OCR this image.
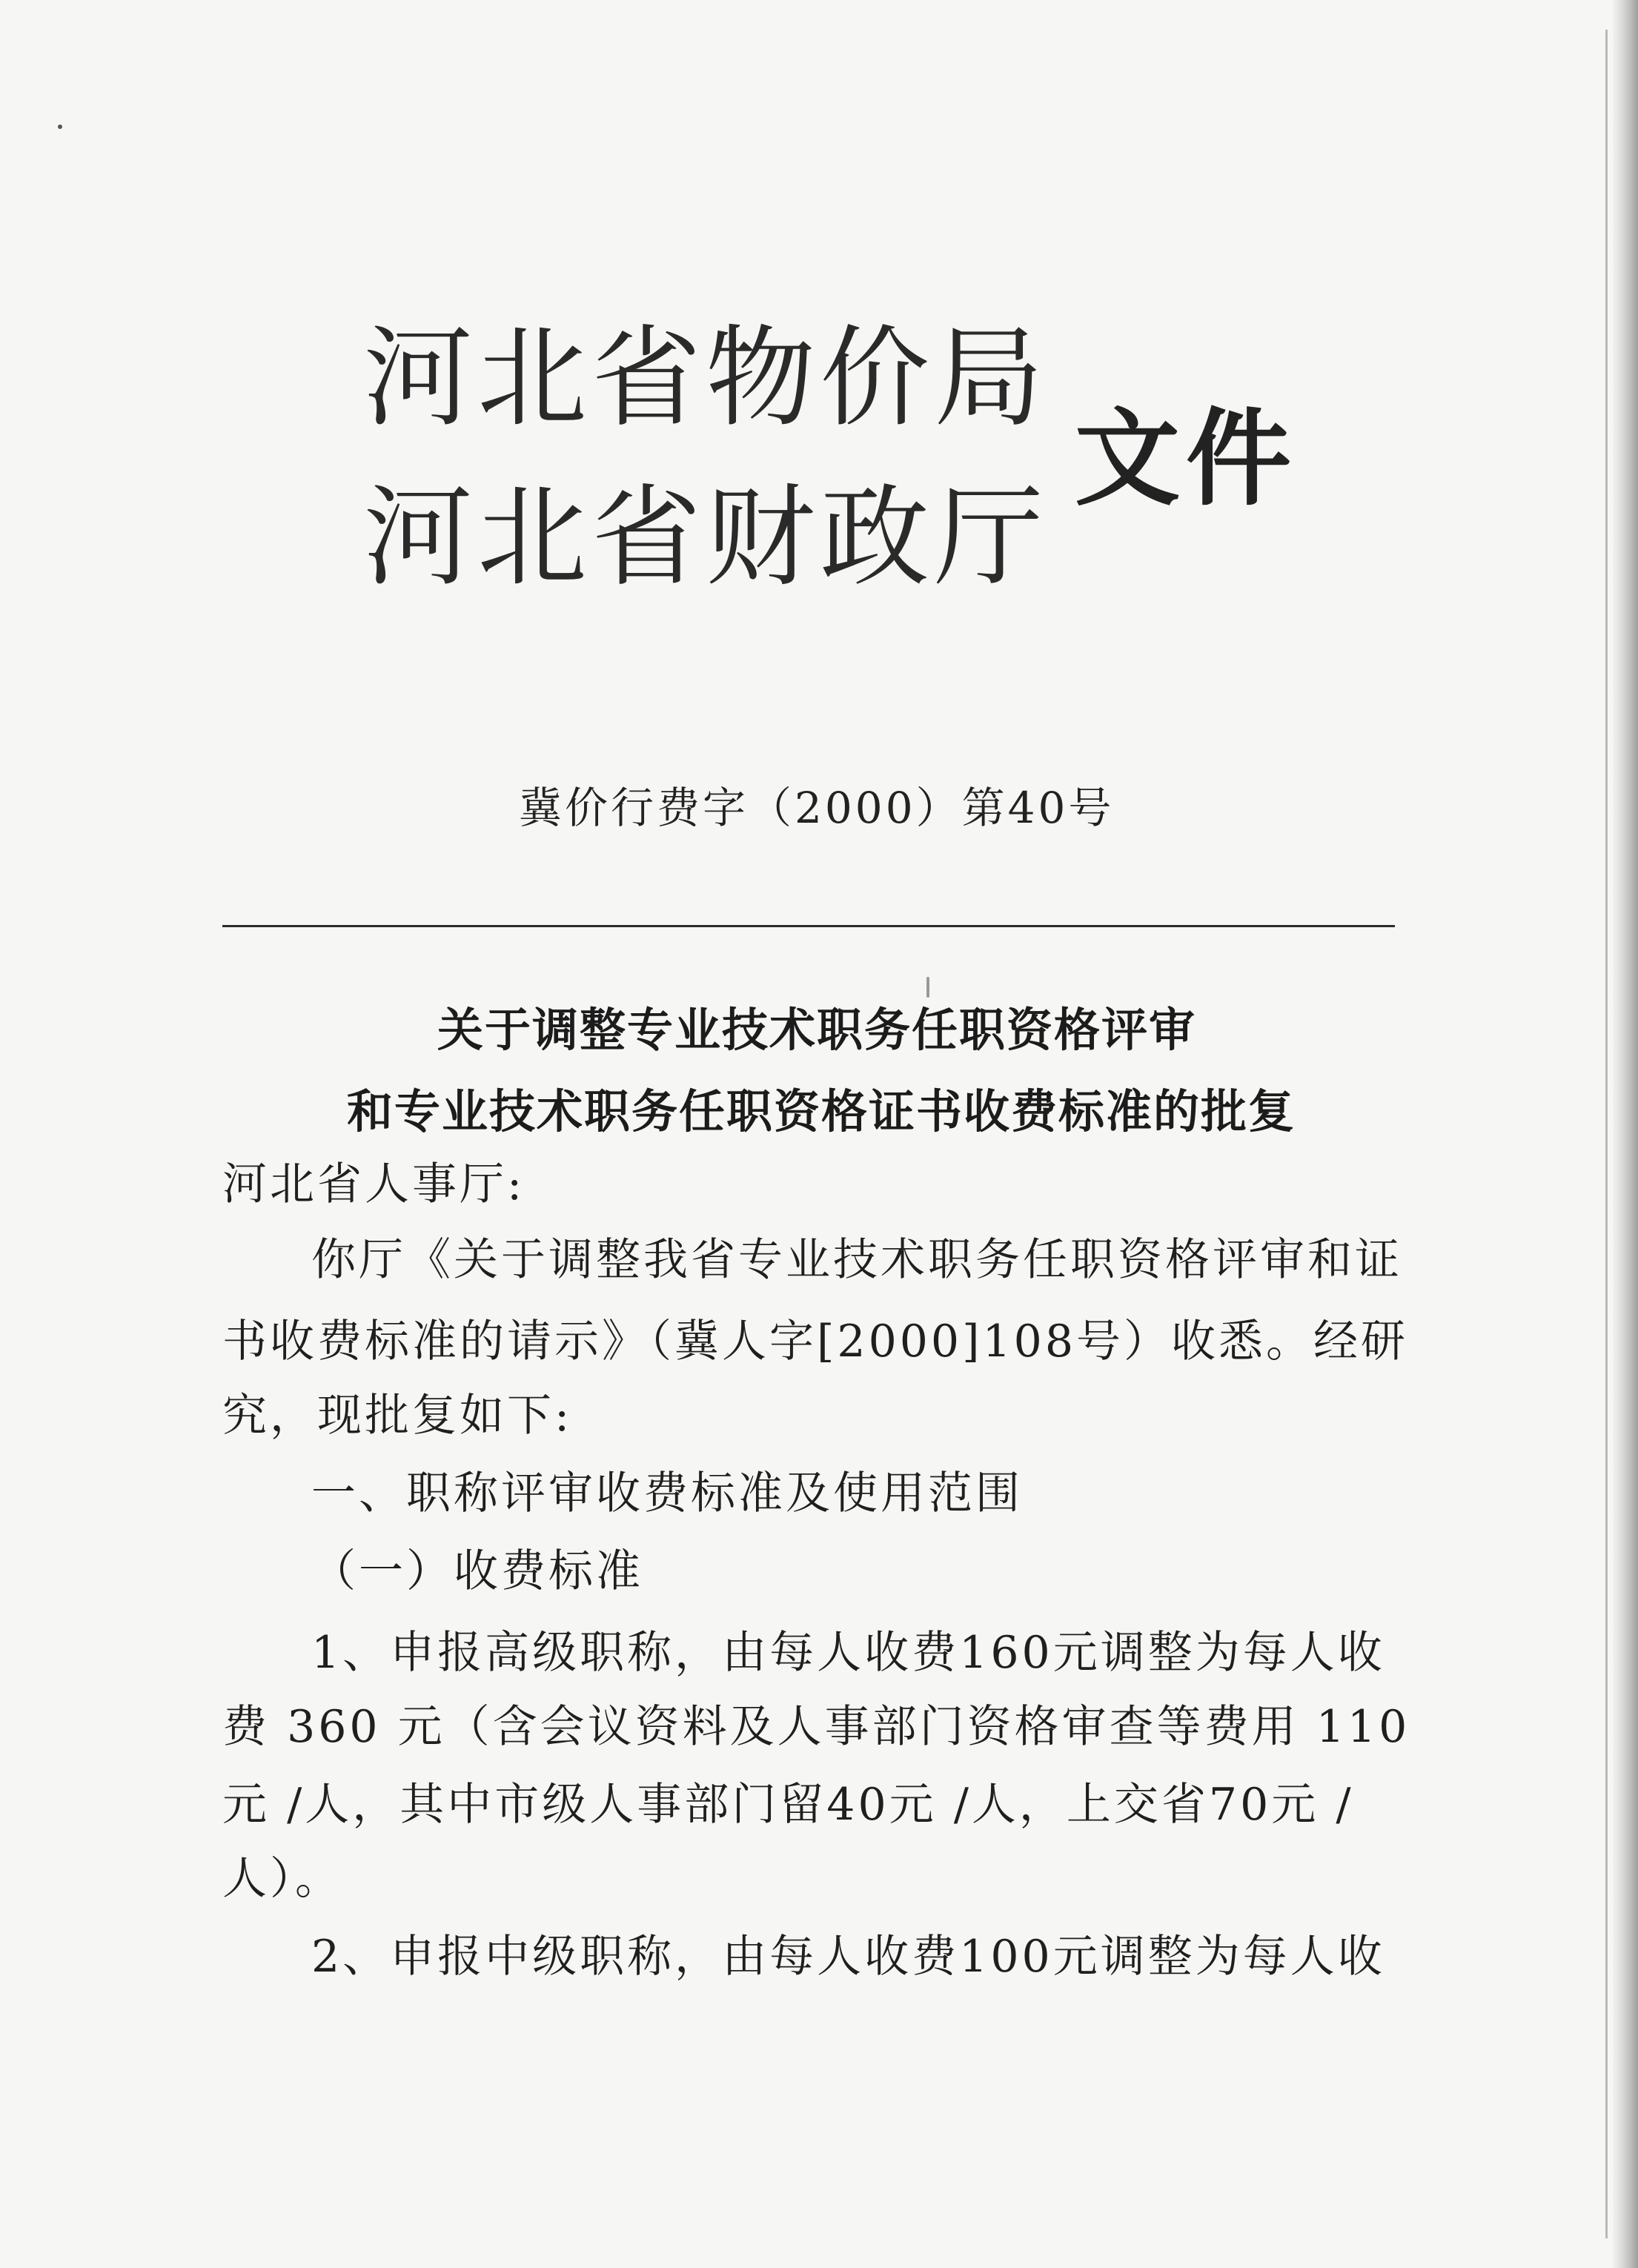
河北省物价局
河北省财政厅
文件
冀价行费字（2000）第40号
关于调整专业技术职务任职资格评审
和专业技术职务任职资格证书收费标准的批复
河北省人事厅:
你厅《关于调整我省专业技术职务任职资格评审和证
书收费标准的请示》（冀人字[2000]108号）收悉。经研
究，现批复如下:
一、职称评审收费标准及使用范围
（一）收费标准
1、申报高级职称，由每人收费160元调整为每人收
费 360 元（含会议资料及人事部门资格审查等费用 110
元 /人，其中市级人事部门留40元 /人，上交省70元 /
人）。
2、申报中级职称，由每人收费100元调整为每人收
